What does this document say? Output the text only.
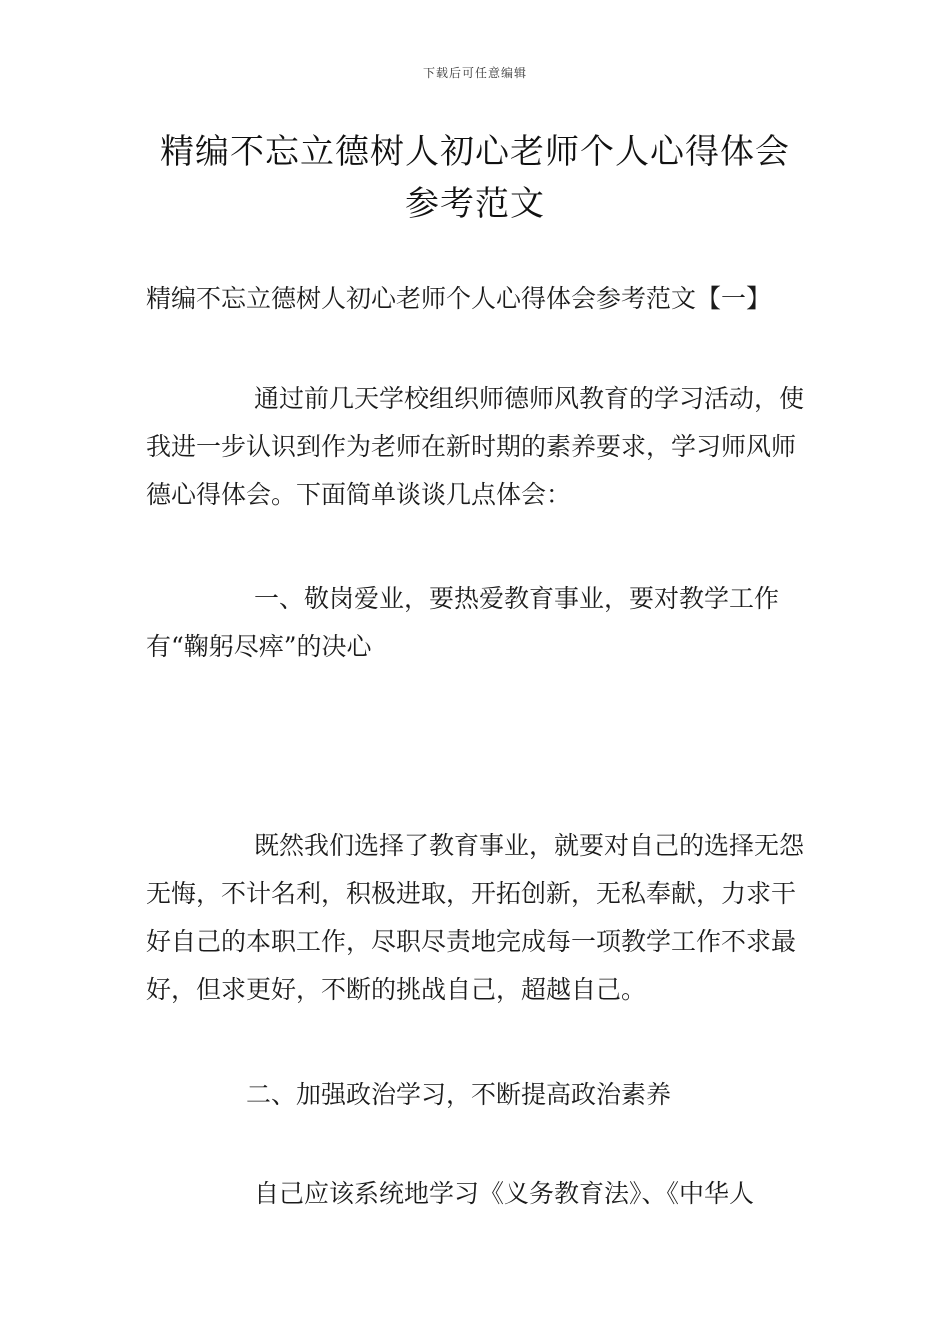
下载后可任意编辑
精编不忘立德树人初心老师个人心得体会
参考范文
精编不忘立德树人初心老师个人心得体会参考范文【一】
通过前几天学校组织师德师风教育的学习活动，使我进一步认识到作为老师在新时期的素养要求，学习师风师德心得体会。下面简单谈谈几点体会：
一、敬岗爱业，要热爱教育事业，要对教学工作有“鞠躬尽瘁”的决心
既然我们选择了教育事业，就要对自己的选择无怨无悔，不计名利，积极进取，开拓创新，无私奉献，力求干好自己的本职工作，尽职尽责地完成每一项教学工作不求最好，但求更好，不断的挑战自己，超越自己。
二、加强政治学习，不断提高政治素养
自己应该系统地学习《义务教育法》、《中华人
